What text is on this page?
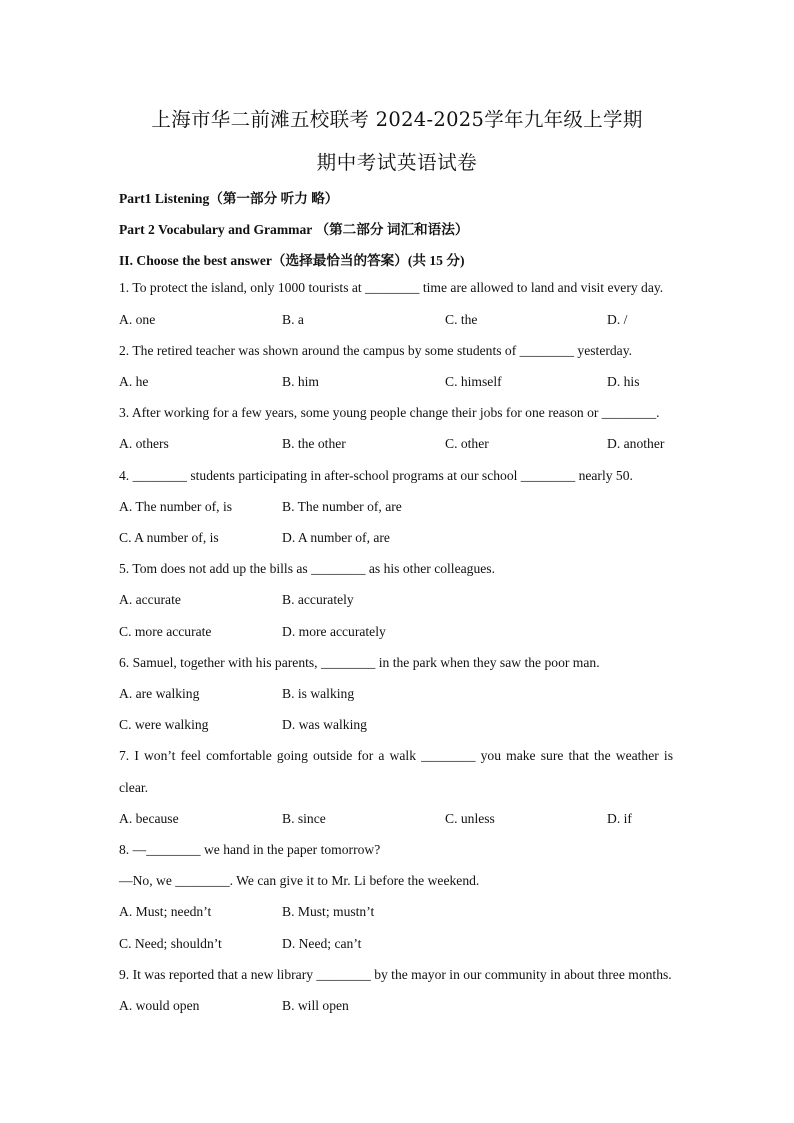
上海市华二前滩五校联考 2024-2025学年九年级上学期
期中考试英语试卷
Part1 Listening（第一部分 听力 略）
Part 2 Vocabulary and Grammar （第二部分 词汇和语法）
II. Choose the best answer（选择最恰当的答案）(共 15 分)
1. To protect the island, only 1000 tourists at ________ time are allowed to land and visit every day.
A. one	B. a	C. the	D. /
2. The retired teacher was shown around the campus by some students of ________ yesterday.
A. he	B. him	C. himself	D. his
3. After working for a few years, some young people change their jobs for one reason or ________.
A. others	B. the other	C. other	D. another
4. ________ students participating in after-school programs at our school ________ nearly 50.
A. The number of, is	B. The number of, are
C. A number of, is	D. A number of, are
5. Tom does not add up the bills as ________ as his other colleagues.
A. accurate	B. accurately
C. more accurate	D. more accurately
6. Samuel, together with his parents, ________ in the park when they saw the poor man.
A. are walking	B. is walking
C. were walking	D. was walking
7. I won’t feel comfortable going outside for a walk ________ you make sure that the weather is
clear.
A. because	B. since	C. unless	D. if
8. —________ we hand in the paper tomorrow?
—No, we ________. We can give it to Mr. Li before the weekend.
A. Must; needn’t	B. Must; mustn’t
C. Need; shouldn’t	D. Need; can’t
9. It was reported that a new library ________ by the mayor in our community in about three months.
A. would open	B. will open
